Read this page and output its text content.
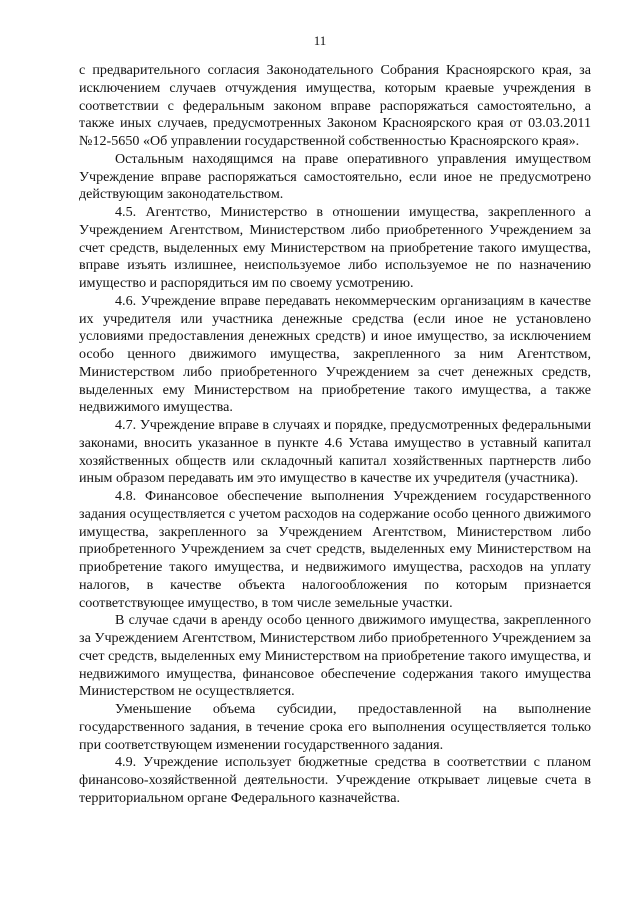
11

с предварительного согласия Законодательного Собрания Красноярского края, за исключением случаев отчуждения имущества, которым краевые учреждения в соответствии с федеральным законом вправе распоряжаться самостоятельно, а также иных случаев, предусмотренных Законом Красноярского края от 03.03.2011 №12-5650 «Об управлении государственной собственностью Красноярского края».

Остальным находящимся на праве оперативного управления имуществом Учреждение вправе распоряжаться самостоятельно, если иное не предусмотрено действующим законодательством.

4.5. Агентство, Министерство в отношении имущества, закрепленного а Учреждением Агентством, Министерством либо приобретенного Учреждением за счет средств, выделенных ему Министерством на приобретение такого имущества, вправе изъять излишнее, неиспользуемое либо используемое не по назначению имущество и распорядиться им по своему усмотрению.

4.6. Учреждение вправе передавать некоммерческим организациям в качестве их учредителя или участника денежные средства (если иное не установлено условиями предоставления денежных средств) и иное имущество, за исключением особо ценного движимого имущества, закрепленного за ним Агентством, Министерством либо приобретенного Учреждением за счет денежных средств, выделенных ему Министерством на приобретение такого имущества, а также недвижимого имущества.

4.7. Учреждение вправе в случаях и порядке, предусмотренных федеральными законами, вносить указанное в пункте 4.6 Устава имущество в уставный капитал хозяйственных обществ или складочный капитал хозяйственных партнерств либо иным образом передавать им это имущество в качестве их учредителя (участника).

4.8. Финансовое обеспечение выполнения Учреждением государственного задания осуществляется с учетом расходов на содержание особо ценного движимого имущества, закрепленного за Учреждением Агентством, Министерством либо приобретенного Учреждением за счет средств, выделенных ему Министерством на приобретение такого имущества, и недвижимого имущества, расходов на уплату налогов, в качестве объекта налогообложения по которым признается соответствующее имущество, в том числе земельные участки.

В случае сдачи в аренду особо ценного движимого имущества, закрепленного за Учреждением Агентством, Министерством либо приобретенного Учреждением за счет средств, выделенных ему Министерством на приобретение такого имущества, и недвижимого имущества, финансовое обеспечение содержания такого имущества Министерством не осуществляется.

Уменьшение объема субсидии, предоставленной на выполнение государственного задания, в течение срока его выполнения осуществляется только при соответствующем изменении государственного задания.

4.9. Учреждение использует бюджетные средства в соответствии с планом финансово-хозяйственной деятельности. Учреждение открывает лицевые счета в территориальном органе Федерального казначейства.
